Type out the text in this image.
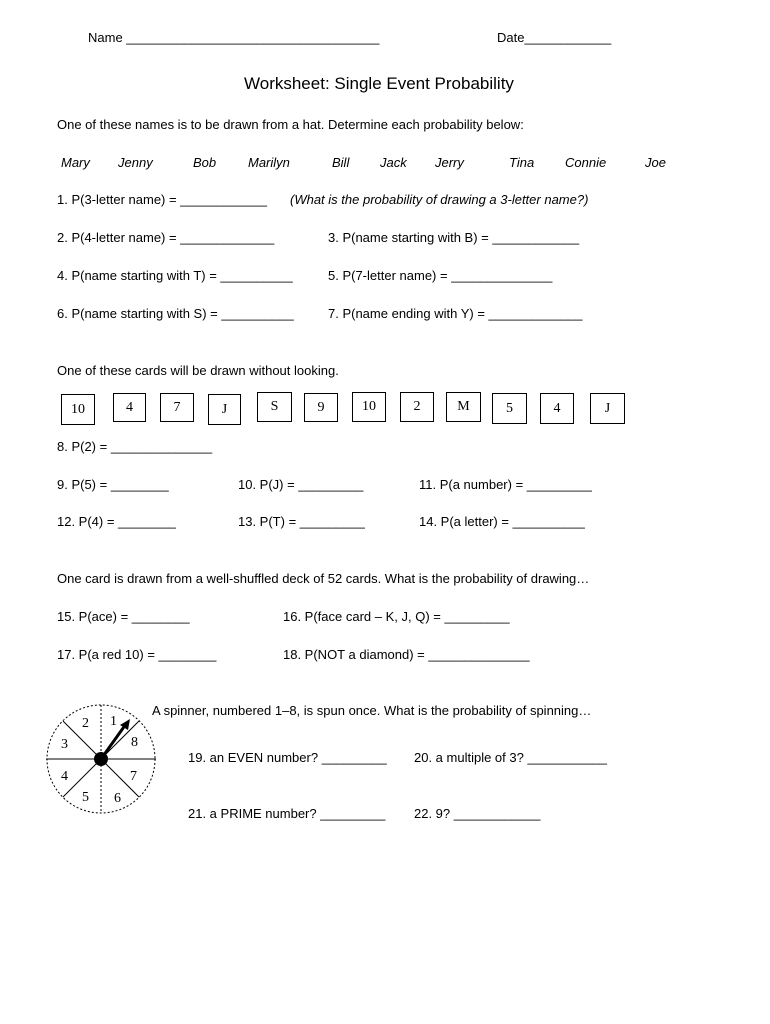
Name ___________________________________	Date____________
Worksheet: Single Event Probability
One of these names is to be drawn from a hat. Determine each probability below:
Mary Jenny	Bob Marilyn	Bill Jack Jerry	Tina Connie	Joe
1. P(3-letter name) = ____________ (What is the probability of drawing a 3-letter name?)
2. P(4-letter name) = _____________	3. P(name starting with B) = ____________
4. P(name starting with T) = __________	5. P(7-letter name) = ______________
6. P(name starting with S) = __________	7. P(name ending with Y) = _____________
One of these cards will be drawn without looking.
10	4	7	J	S	9	10	2	M	5	4	J
8. P(2) = ______________
9. P(5) = ________	10. P(J) = _________	11. P(a number) = _________
12. P(4) = ________	13. P(T) = _________	14. P(a letter) = __________
One card is drawn from a well-shuffled deck of 52 cards. What is the probability of drawing…
15. P(ace) = ________	16. P(face card – K, J, Q) = _________
17. P(a red 10) = ________	18. P(NOT a diamond) = ______________
1
2
3
4
5 6
7
8
A spinner, numbered 1–8, is spun once. What is the probability of spinning…
19. an EVEN number? _________ 20. a multiple of 3? ___________
21. a PRIME number? _________ 22. 9? ____________
